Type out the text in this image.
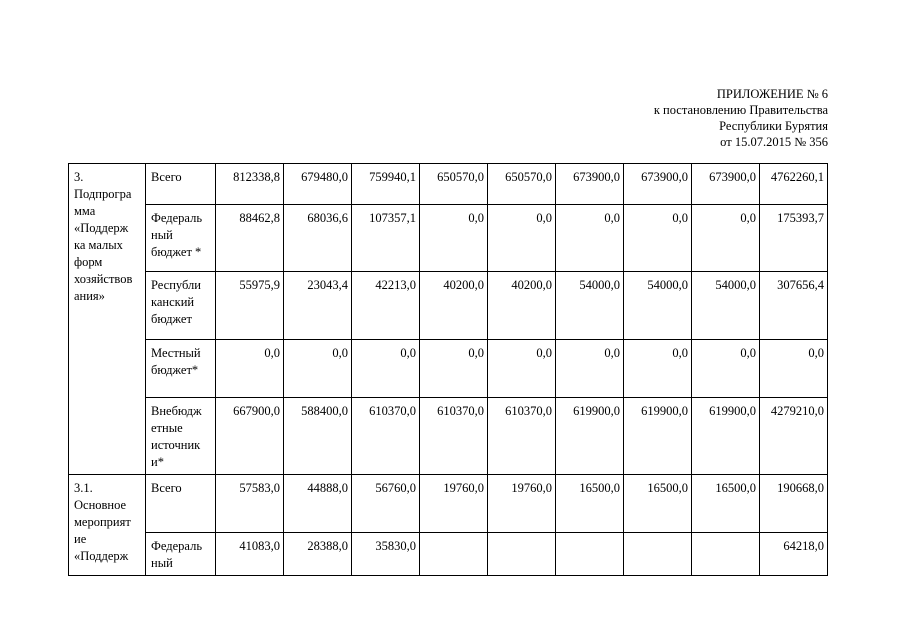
ПРИЛОЖЕНИЕ № 6
к постановлению Правительства
Республики Бурятия
от 15.07.2015 № 356
3. Подпрогра мма «Поддерж ка малых форм хозяйствов ания»	Всего	812338,8	679480,0	759940,1	650570,0	650570,0	673900,0	673900,0	673900,0	4762260,1
	Федераль ный бюджет *	88462,8	68036,6	107357,1	0,0	0,0	0,0	0,0	0,0	175393,7
	Республи канский бюджет	55975,9	23043,4	42213,0	40200,0	40200,0	54000,0	54000,0	54000,0	307656,4
	Местный бюджет*	0,0	0,0	0,0	0,0	0,0	0,0	0,0	0,0	0,0
	Внебюдж етные источник и*	667900,0	588400,0	610370,0	610370,0	610370,0	619900,0	619900,0	619900,0	4279210,0
3.1. Основное мероприят ие «Поддерж	Всего	57583,0	44888,0	56760,0	19760,0	19760,0	16500,0	16500,0	16500,0	190668,0
	Федераль ный	41083,0	28388,0	35830,0						64218,0
